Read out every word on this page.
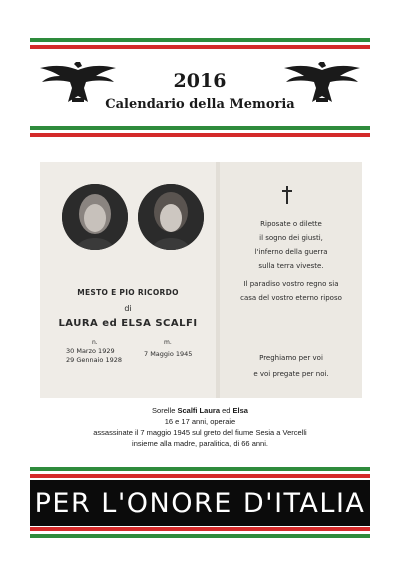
2016
Calendario della Memoria
MESTO E PIO RICORDO
di
LAURA ed ELSA SCALFI
n.	m.
30 Marzo 1929
29 Gennaio 1928
7 Maggio 1945
Riposate o dilette
il sogno dei giusti,
l'inferno della guerra
sulla terra viveste.
Il paradiso vostro regno sia
casa del vostro eterno riposo
Preghiamo per voi
e voi pregate per noi.
Sorelle Scalfi Laura ed Elsa
16 e 17 anni, operaie
assassinate il 7 maggio 1945 sul greto del fiume Sesia a Vercelli
insieme alla madre, paralitica, di 66 anni.
PER L'ONORE D'ITALIA
